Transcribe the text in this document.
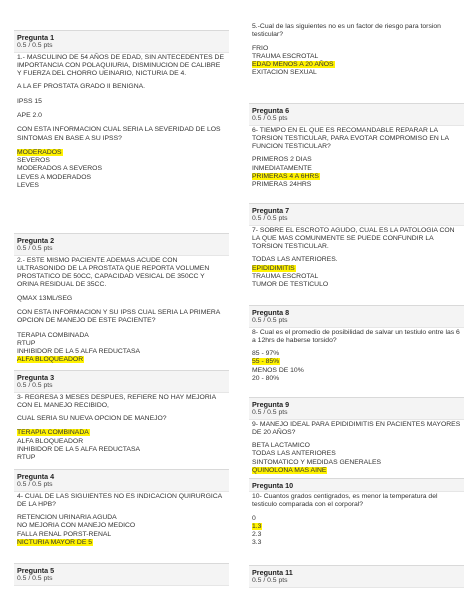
Pregunta 1
0.5 / 0.5 pts

1.- MASCULINO DE 54 AÑOS DE EDAD, SIN ANTECEDENTES DE IMPORTANCIA CON POLAQUIURIA, DISMINUCION DE CALIBRE Y FUERZA DEL CHORRO UEINARIO, NICTURIA DE 4.

A LA EF PROSTATA GRADO II BENIGNA.

IPSS 15

APE 2.0

CON ESTA INFORMACION CUAL SERIA LA SEVERIDAD DE LOS SINTOMAS EN BASE A SU IPSS?

MODERADOS
SEVEROS
MODERADOS A SEVEROS
LEVES A MODERADOS
LEVES
Pregunta 2
0.5 / 0.5 pts

2.- ESTE MISMO PACIENTE ADEMAS ACUDE CON ULTRASONIDO DE LA PROSTATA QUE REPORTA VOLUMEN PROSTATICO DE 50CC, CAPACIDAD VESICAL DE 350CC Y ORINA RESIDUAL DE 35CC.

QMAX 13ML/SEG

CON ESTA INFORMACION Y SU IPSS CUAL SERIA LA PRIMERA OPCION DE MANEJO DE ESTE PACIENTE?

TERAPIA COMBINADA
RTUP
INHIBIDOR DE LA 5 ALFA REDUCTASA
ALFA BLOQUEADOR
Pregunta 3
0.5 / 0.5 pts

3- REGRESA 3 MESES DESPUES, REFIERE NO HAY MEJORIA CON EL MANEJO RECIBIDO,

CUAL SERIA SU NUEVA OPCION DE MANEJO?

TERAPIA COMBINADA
ALFA BLOQUEADOR
INHIBIDOR DE LA 5 ALFA REDUCTASA
RTUP
Pregunta 4
0.5 / 0.5 pts

4- CUAL DE LAS SIGUIENTES NO ES INDICACION QUIRURGICA DE LA HPB?

RETENCION URINARIA AGUDA
NO MEJORIA CON MANEJO MEDICO
FALLA RENAL PORST-RENAL
NICTURIA MAYOR DE 5
Pregunta 5
0.5 / 0.5 pts

5.-Cual de las siguientes no es un factor de riesgo para torsion testicular?

FRIO
TRAUMA ESCROTAL
EDAD MENOS A 20 AÑOS
EXITACION SEXUAL
Pregunta 6
0.5 / 0.5 pts

6- TIEMPO EN EL QUE ES RECOMANDABLE REPARAR LA TORSION TESTICULAR, PARA EVOTAR COMPROMISO EN LA FUNCION TESTICULAR?

PRIMEROS 2 DIAS
INMEDIATAMENTE
PRIMERAS 4 A 6HRS
PRIMERAS 24HRS
Pregunta 7
0.5 / 0.5 pts

7- SOBRE EL ESCROTO AGUDO, CUAL ES LA PATOLOGIA CON LA QUE MAS COMUNMENTE SE PUEDE CONFUNDIR LA TORSION TESTICULAR.

TODAS LAS ANTERIORES.
EPIDIDIMITIS
TRAUMA ESCROTAL
TUMOR DE TESTICULO
Pregunta 8
0.5 / 0.5 pts

8- Cual es el promedio de posibilidad de salvar un testiulo entre las 6 a 12hrs de haberse torsido?

85 - 97%
55 - 85%
MENOS DE 10%
20 - 80%
Pregunta 9
0.5 / 0.5 pts

9- MANEJO IDEAL PARA EPIDIDIMITIS EN PACIENTES MAYORES DE 20 AÑOS?

BETA LACTAMICO
TODAS LAS ANTERIORES
SINTOMATICO Y MEDIDAS GENERALES
QUINOLONA MAS AINE
Pregunta 10

10- Cuantos grados centigrados, es menor la temperatura del testiculo comparada con el corporal?

0
1.3
2.3
3.3
Pregunta 11
0.5 / 0.5 pts
